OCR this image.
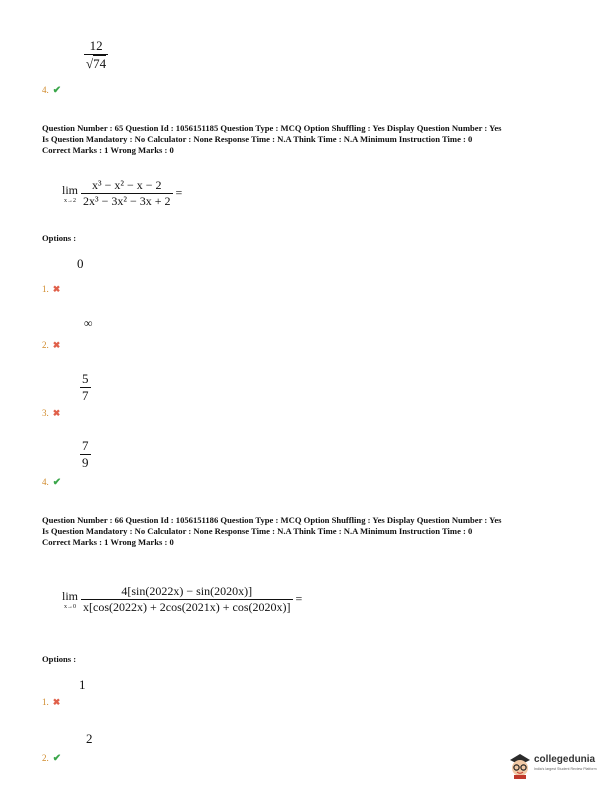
$\frac{12}{√74}$
4. ✔
Question Number : 65 Question Id : 1056151185 Question Type : MCQ Option Shuffling : Yes Display Question Number : Yes
Is Question Mandatory : No Calculator : None Response Time : N.A Think Time : N.A Minimum Instruction Time : 0
Correct Marks : 1 Wrong Marks : 0
lim
x→2
$\frac{\text{x³ − x² − x − 2}}{\text{2x³ − 3x² − 3x + 2}}$ =
Options :
0
1. ✖
∞
2. ✖
$\frac{5}{7}$
3. ✖
$\frac{7}{9}$
4. ✔
Question Number : 66 Question Id : 1056151186 Question Type : MCQ Option Shuffling : Yes Display Question Number : Yes
Is Question Mandatory : No Calculator : None Response Time : N.A Think Time : N.A Minimum Instruction Time : 0
Correct Marks : 1 Wrong Marks : 0
lim
x→0
$\frac{4[\sin(2022x) - \sin(2020x)]}{x[\cos(2022x) + 2\cos(2021x) + \cos(2020x)]}$ =
Options :
1
1. ✖
2
2. ✔	collegedunia
India's largest Student Review Platform
